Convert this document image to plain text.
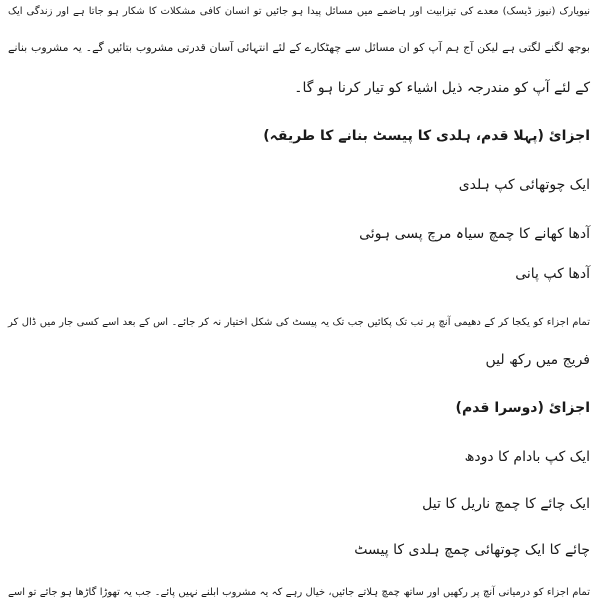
نیویارک (نیوز ڈیسک) معدے کی تیزابیت اور ہاضمے میں مسائل پیدا ہو جائیں تو انسان کافی مشکلات کا شکار ہو جاتا ہے اور زندگی ایک
بوجھ لگنے لگتی ہے لیکن آج ہم آپ کو ان مسائل سے چھٹکارے کے لئے انتہائی آسان قدرتی مشروب بتائیں گے۔ یہ مشروب بنانے
کے لئے آپ کو مندرجہ ذیل اشیاء کو تیار کرنا ہو گا۔
اجزائ (پہلا قدم، ہلدی کا پیسٹ بنانے کا طریقہ)
ایک چوتھائی کپ ہلدی
آدھا کھانے کا چمچ سیاہ مرچ پسی ہوئی
آدھا کپ پانی
تمام اجزاء کو یکجا کر کے دھیمی آنچ پر تب تک پکائیں جب تک یہ پیسٹ کی شکل اختیار نہ کر جائے۔ اس کے بعد اسے کسی جار میں ڈال کر
فریج میں رکھ لیں
اجزائ (دوسرا قدم)
ایک کپ بادام کا دودھ
ایک چائے کا چمچ ناریل کا تیل
چائے کا ایک چوتھائی چمچ ہلدی کا پیسٹ
تمام اجزاء کو درمیانی آنچ پر رکھیں اور ساتھ چمچ ہلاتے جائیں، خیال رہے کہ یہ مشروب ابلنے نہیں پائے۔ جب یہ تھوڑا گاڑھا ہو جائے تو اسے
